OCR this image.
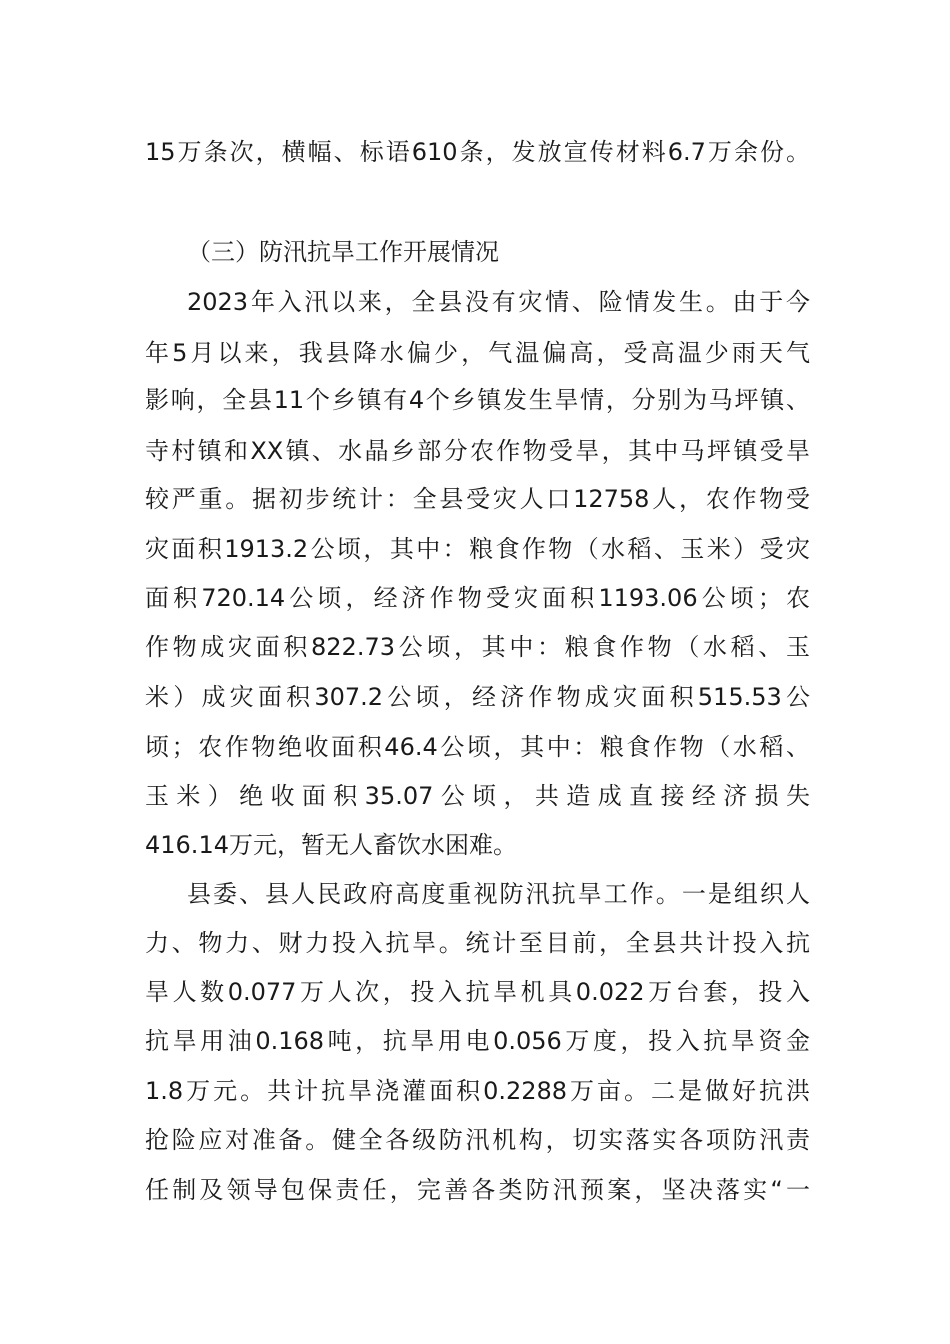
15万条次，横幅、标语610条，发放宣传材料6.7万余份。
（三）防汛抗旱工作开展情况
2023年入汛以来，全县没有灾情、险情发生。由于今
年5月以来，我县降水偏少，气温偏高，受高温少雨天气
影响，全县11个乡镇有4个乡镇发生旱情，分别为马坪镇、
寺村镇和XX镇、水晶乡部分农作物受旱，其中马坪镇受旱
较严重。据初步统计：全县受灾人口12758人，农作物受
灾面积1913.2公顷，其中：粮食作物（水稻、玉米）受灾
面积720.14公顷，经济作物受灾面积1193.06公顷；农
作物成灾面积822.73公顷，其中：粮食作物（水稻、玉
米）成灾面积307.2公顷，经济作物成灾面积515.53公
顷；农作物绝收面积46.4公顷，其中：粮食作物（水稻、
玉米）绝收面积35.07公顷，共造成直接经济损失
416.14万元，暂无人畜饮水困难。
县委、县人民政府高度重视防汛抗旱工作。一是组织人
力、物力、财力投入抗旱。统计至目前，全县共计投入抗
旱人数0.077万人次，投入抗旱机具0.022万台套，投入
抗旱用油0.168吨，抗旱用电0.056万度，投入抗旱资金
1.8万元。共计抗旱浇灌面积0.2288万亩。二是做好抗洪
抢险应对准备。健全各级防汛机构，切实落实各项防汛责
任制及领导包保责任，完善各类防汛预案，坚决落实“一
